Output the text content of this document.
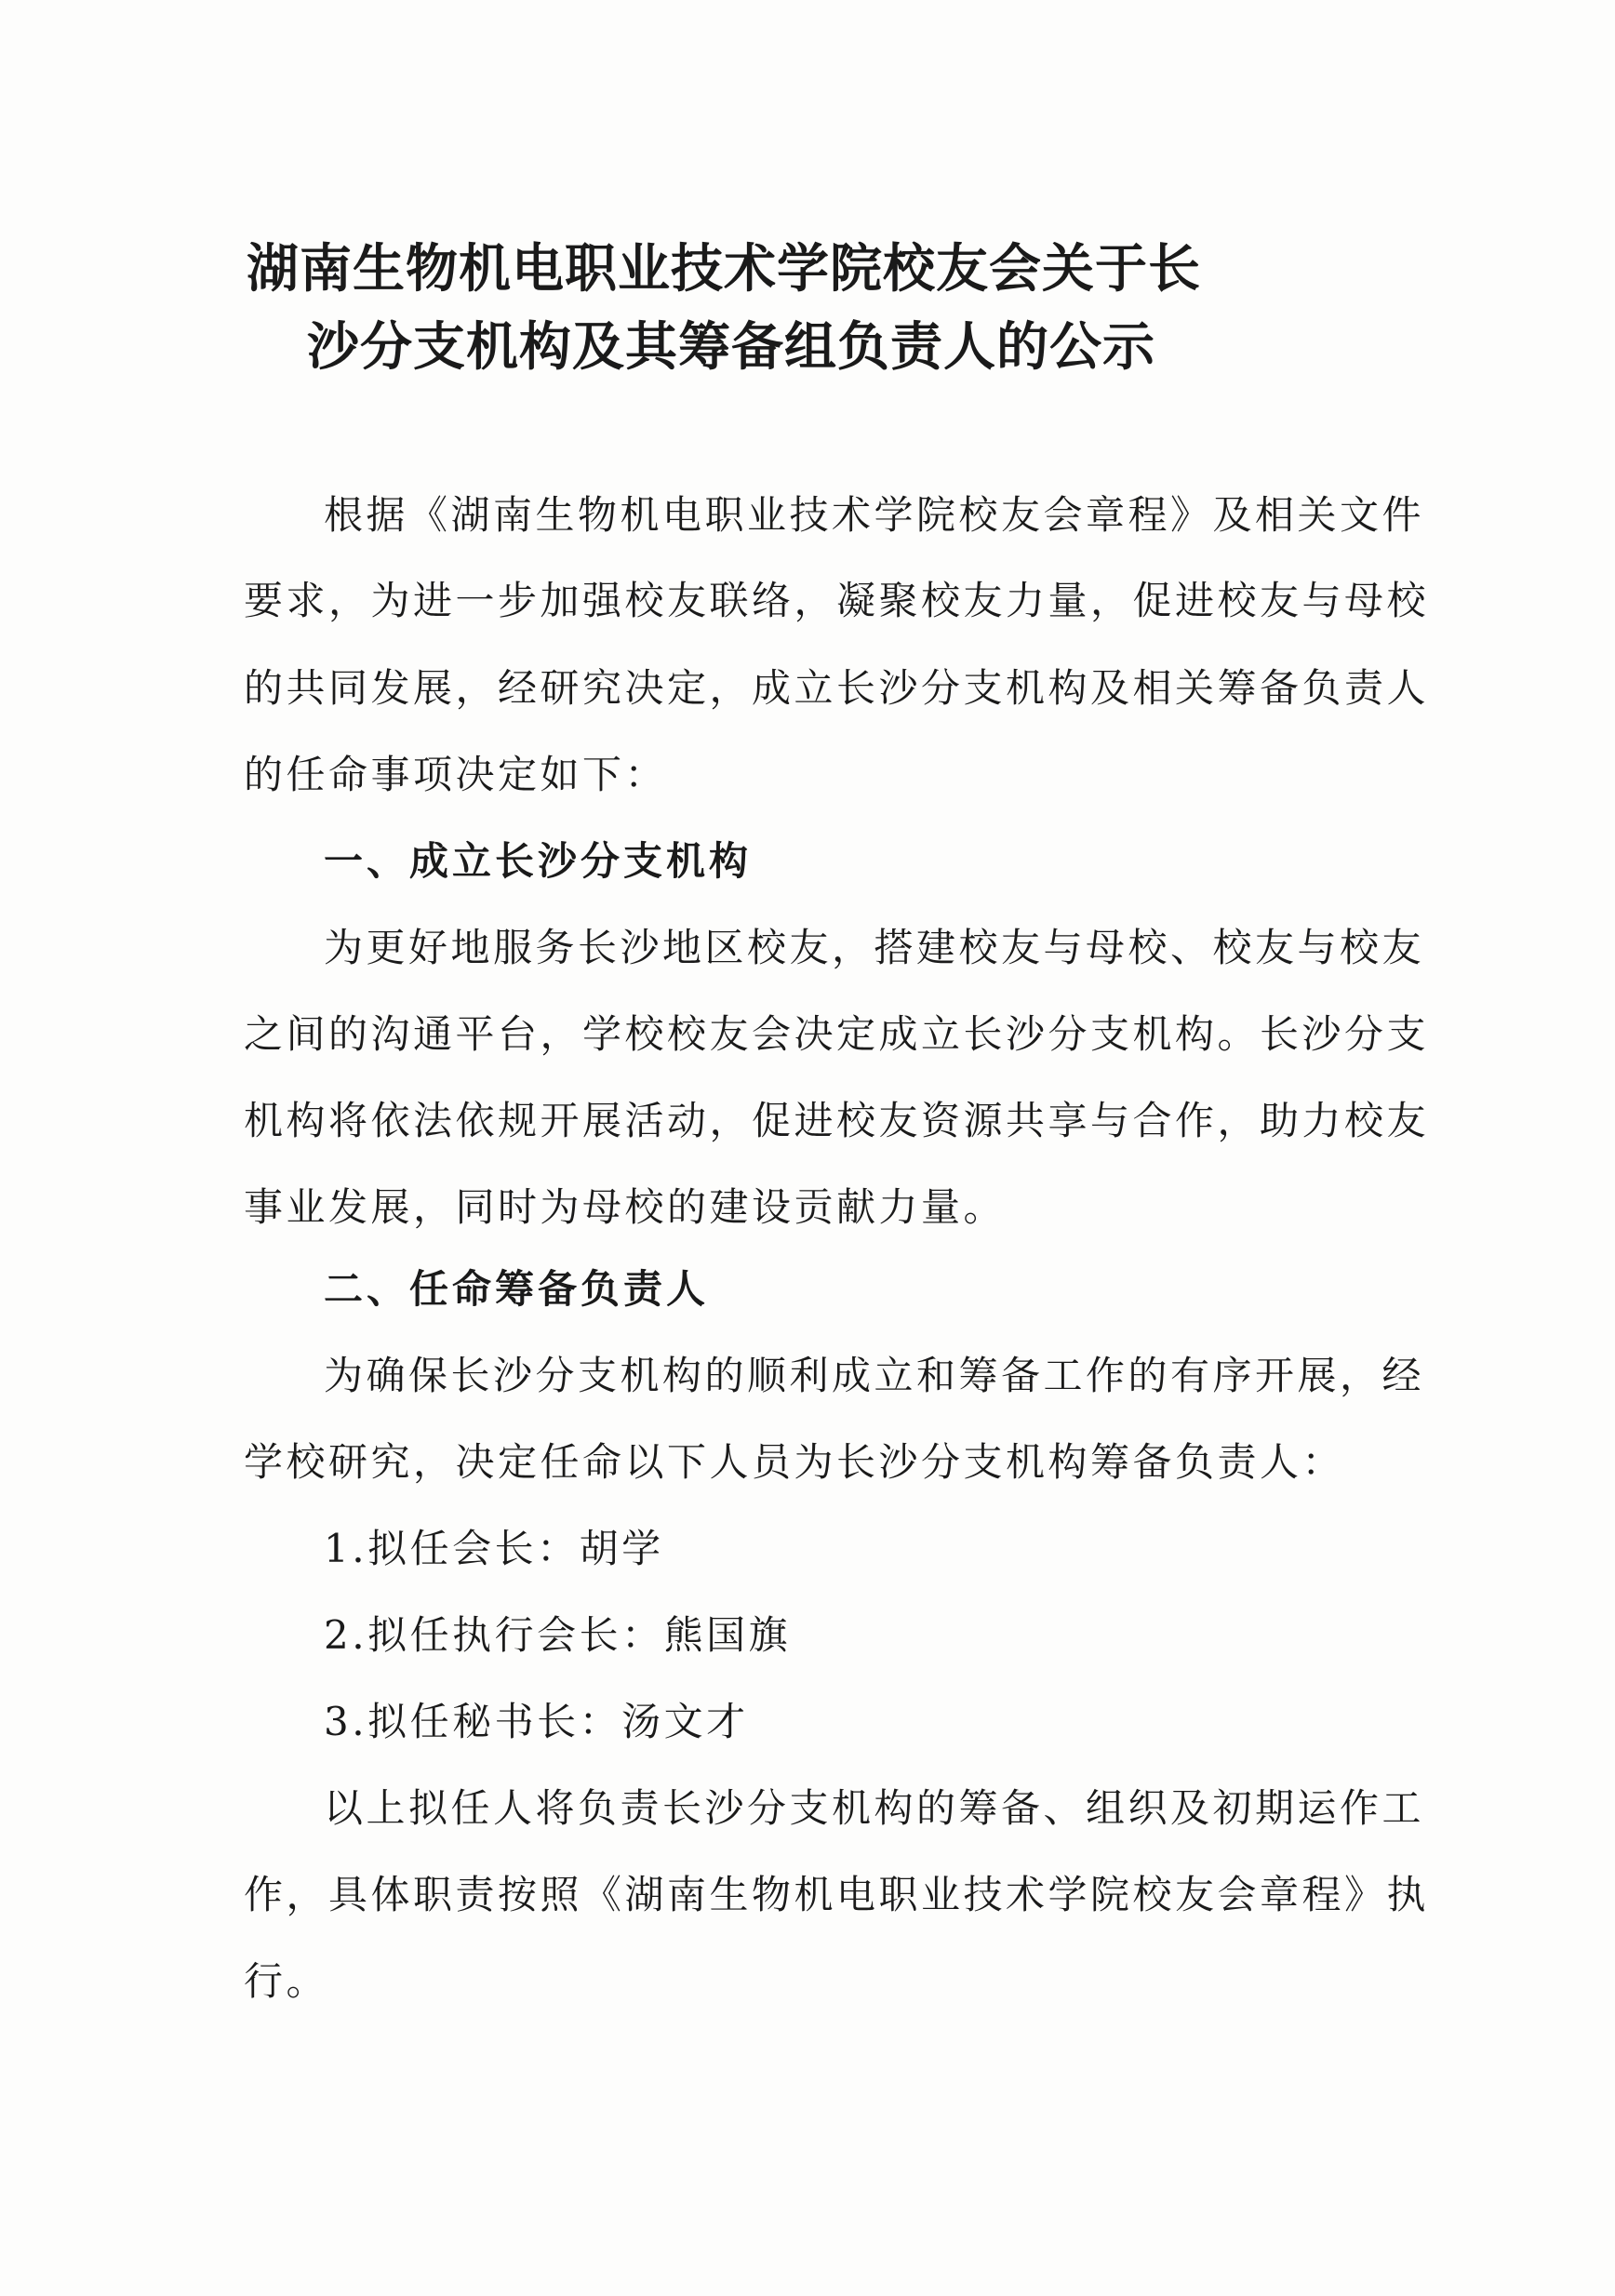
湖南生物机电职业技术学院校友会关于长
沙分支机构及其筹备组负责人的公示
根据《湖南生物机电职业技术学院校友会章程》及相关文件
要求，为进一步加强校友联络，凝聚校友力量，促进校友与母校
的共同发展，经研究决定，成立长沙分支机构及相关筹备负责人
的任命事项决定如下：
一、成立长沙分支机构
为更好地服务长沙地区校友，搭建校友与母校、校友与校友
之间的沟通平台，学校校友会决定成立长沙分支机构。长沙分支
机构将依法依规开展活动，促进校友资源共享与合作，助力校友
事业发展，同时为母校的建设贡献力量。
二、任命筹备负责人
为确保长沙分支机构的顺利成立和筹备工作的有序开展，经
学校研究，决定任命以下人员为长沙分支机构筹备负责人：
1.拟任会长：胡学
2.拟任执行会长：熊国旗
3.拟任秘书长：汤文才
以上拟任人将负责长沙分支机构的筹备、组织及初期运作工
作，具体职责按照《湖南生物机电职业技术学院校友会章程》执
行。
